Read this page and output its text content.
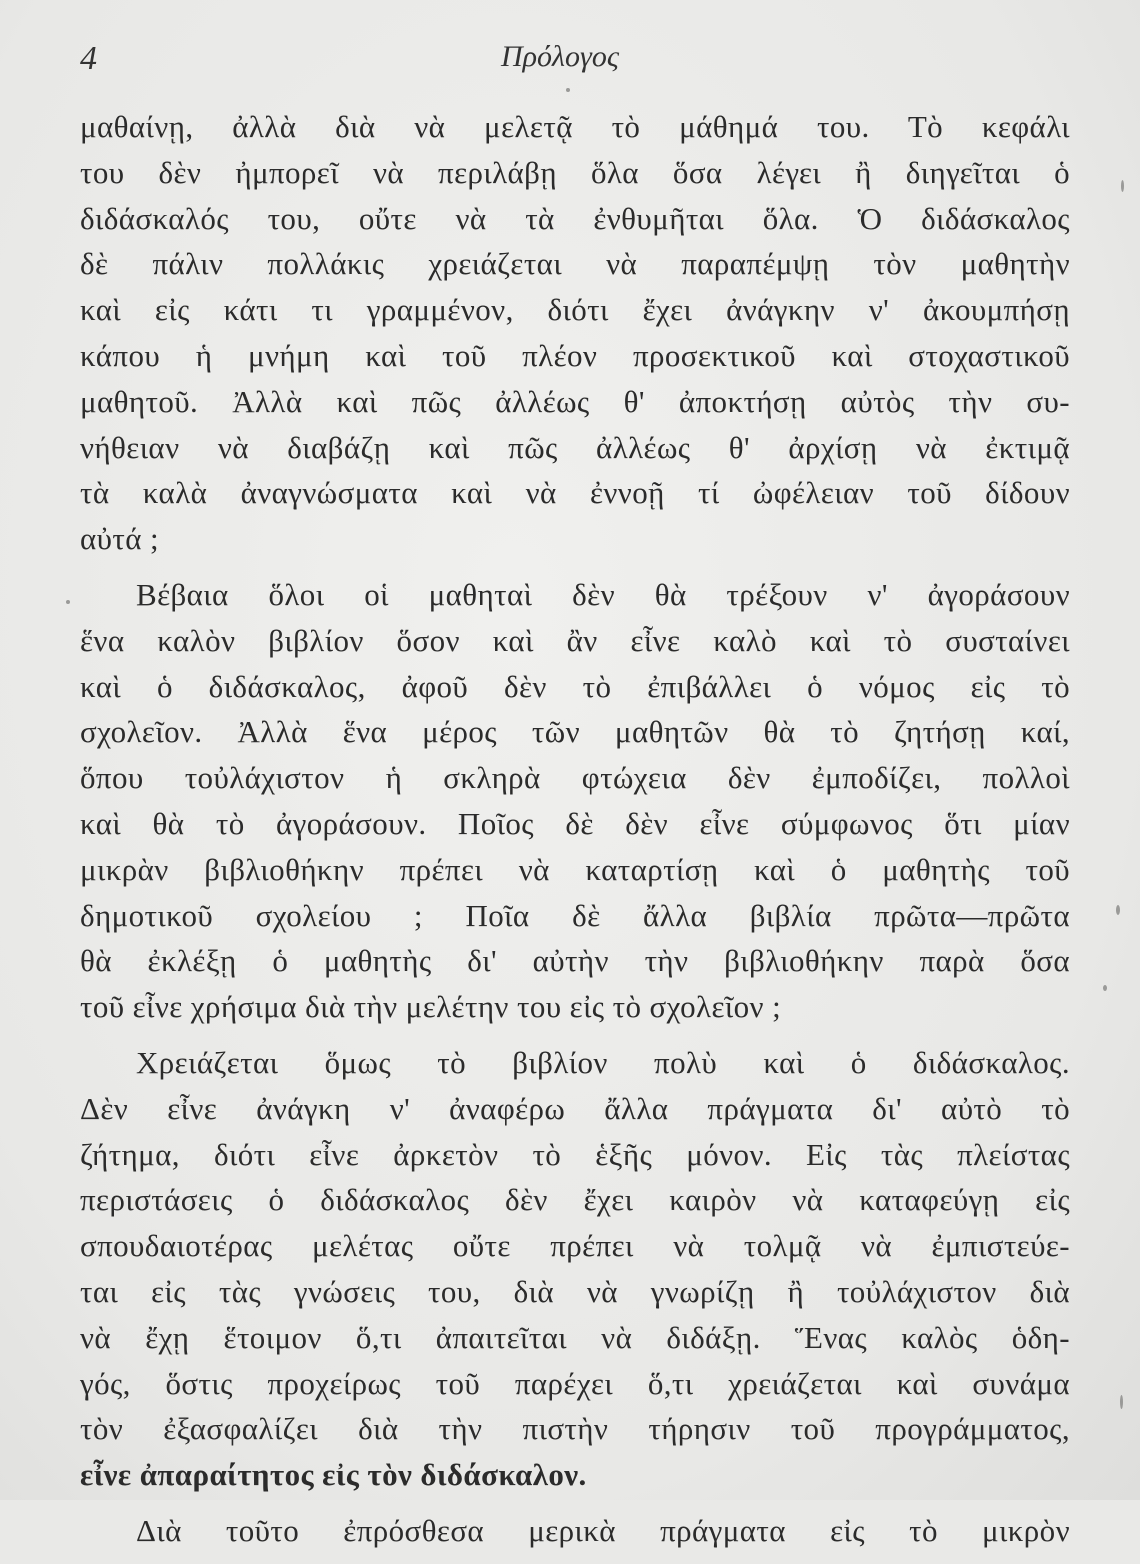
4	Πρόλογος
μαθαίνῃ, ἀλλὰ διὰ νὰ μελετᾷ τὸ μάθημά του. Τὸ κεφάλι
του δὲν ἠμπορεῖ νὰ περιλάβῃ ὅλα ὅσα λέγει ἢ διηγεῖται ὁ
διδάσκαλός του, οὔτε νὰ τὰ ἐνθυμῆται ὅλα. Ὁ διδάσκαλος
δὲ πάλιν πολλάκις χρειάζεται νὰ παραπέμψῃ τὸν μαθητὴν
καὶ εἰς κάτι τι γραμμένον, διότι ἔχει ἀνάγκην ν' ἀκουμπήσῃ
κάπου ἡ μνήμη καὶ τοῦ πλέον προσεκτικοῦ καὶ στοχαστικοῦ
μαθητοῦ. Ἀλλὰ καὶ πῶς ἀλλέως θ' ἀποκτήσῃ αὐτὸς τὴν συ-
νήθειαν νὰ διαβάζῃ καὶ πῶς ἀλλέως θ' ἀρχίσῃ νὰ ἐκτιμᾷ
τὰ καλὰ ἀναγνώσματα καὶ νὰ ἐννοῇ τί ὠφέλειαν τοῦ δίδουν
αὐτά ;
Βέβαια ὅλοι οἱ μαθηταὶ δὲν θὰ τρέξουν ν' ἀγοράσουν
ἕνα καλὸν βιβλίον ὅσον καὶ ἂν εἶνε καλὸ καὶ τὸ συσταίνει
καὶ ὁ διδάσκαλος, ἀφοῦ δὲν τὸ ἐπιβάλλει ὁ νόμος εἰς τὸ
σχολεῖον. Ἀλλὰ ἕνα μέρος τῶν μαθητῶν θὰ τὸ ζητήσῃ καί,
ὅπου τοὐλάχιστον ἡ σκληρὰ φτώχεια δὲν ἐμποδίζει, πολλοὶ
καὶ θὰ τὸ ἀγοράσουν. Ποῖος δὲ δὲν εἶνε σύμφωνος ὅτι μίαν
μικρὰν βιβλιοθήκην πρέπει νὰ καταρτίσῃ καὶ ὁ μαθητὴς τοῦ
δημοτικοῦ σχολείου ; Ποῖα δὲ ἄλλα βιβλία πρῶτα—πρῶτα
θὰ ἐκλέξῃ ὁ μαθητὴς δι' αὐτὴν τὴν βιβλιοθήκην παρὰ ὅσα
τοῦ εἶνε χρήσιμα διὰ τὴν μελέτην του εἰς τὸ σχολεῖον ;
Χρειάζεται ὅμως τὸ βιβλίον πολὺ καὶ ὁ διδάσκαλος.
Δὲν εἶνε ἀνάγκη ν' ἀναφέρω ἄλλα πράγματα δι' αὐτὸ τὸ
ζήτημα, διότι εἶνε ἀρκετὸν τὸ ἑξῆς μόνον. Εἰς τὰς πλείστας
περιστάσεις ὁ διδάσκαλος δὲν ἔχει καιρὸν νὰ καταφεύγῃ εἰς
σπουδαιοτέρας μελέτας οὔτε πρέπει νὰ τολμᾷ νὰ ἐμπιστεύε-
ται εἰς τὰς γνώσεις του, διὰ νὰ γνωρίζῃ ἢ τοὐλάχιστον διὰ
νὰ ἔχῃ ἕτοιμον ὅ,τι ἀπαιτεῖται νὰ διδάξῃ. Ἕνας καλὸς ὁδη-
γός, ὅστις προχείρως τοῦ παρέχει ὅ,τι χρειάζεται καὶ συνάμα
τὸν ἐξασφαλίζει διὰ τὴν πιστὴν τήρησιν τοῦ προγράμματος,
εἶνε ἀπαραίτητος εἰς τὸν διδάσκαλον.
Διὰ τοῦτο ἐπρόσθεσα μερικὰ πράγματα εἰς τὸ μικρὸν
